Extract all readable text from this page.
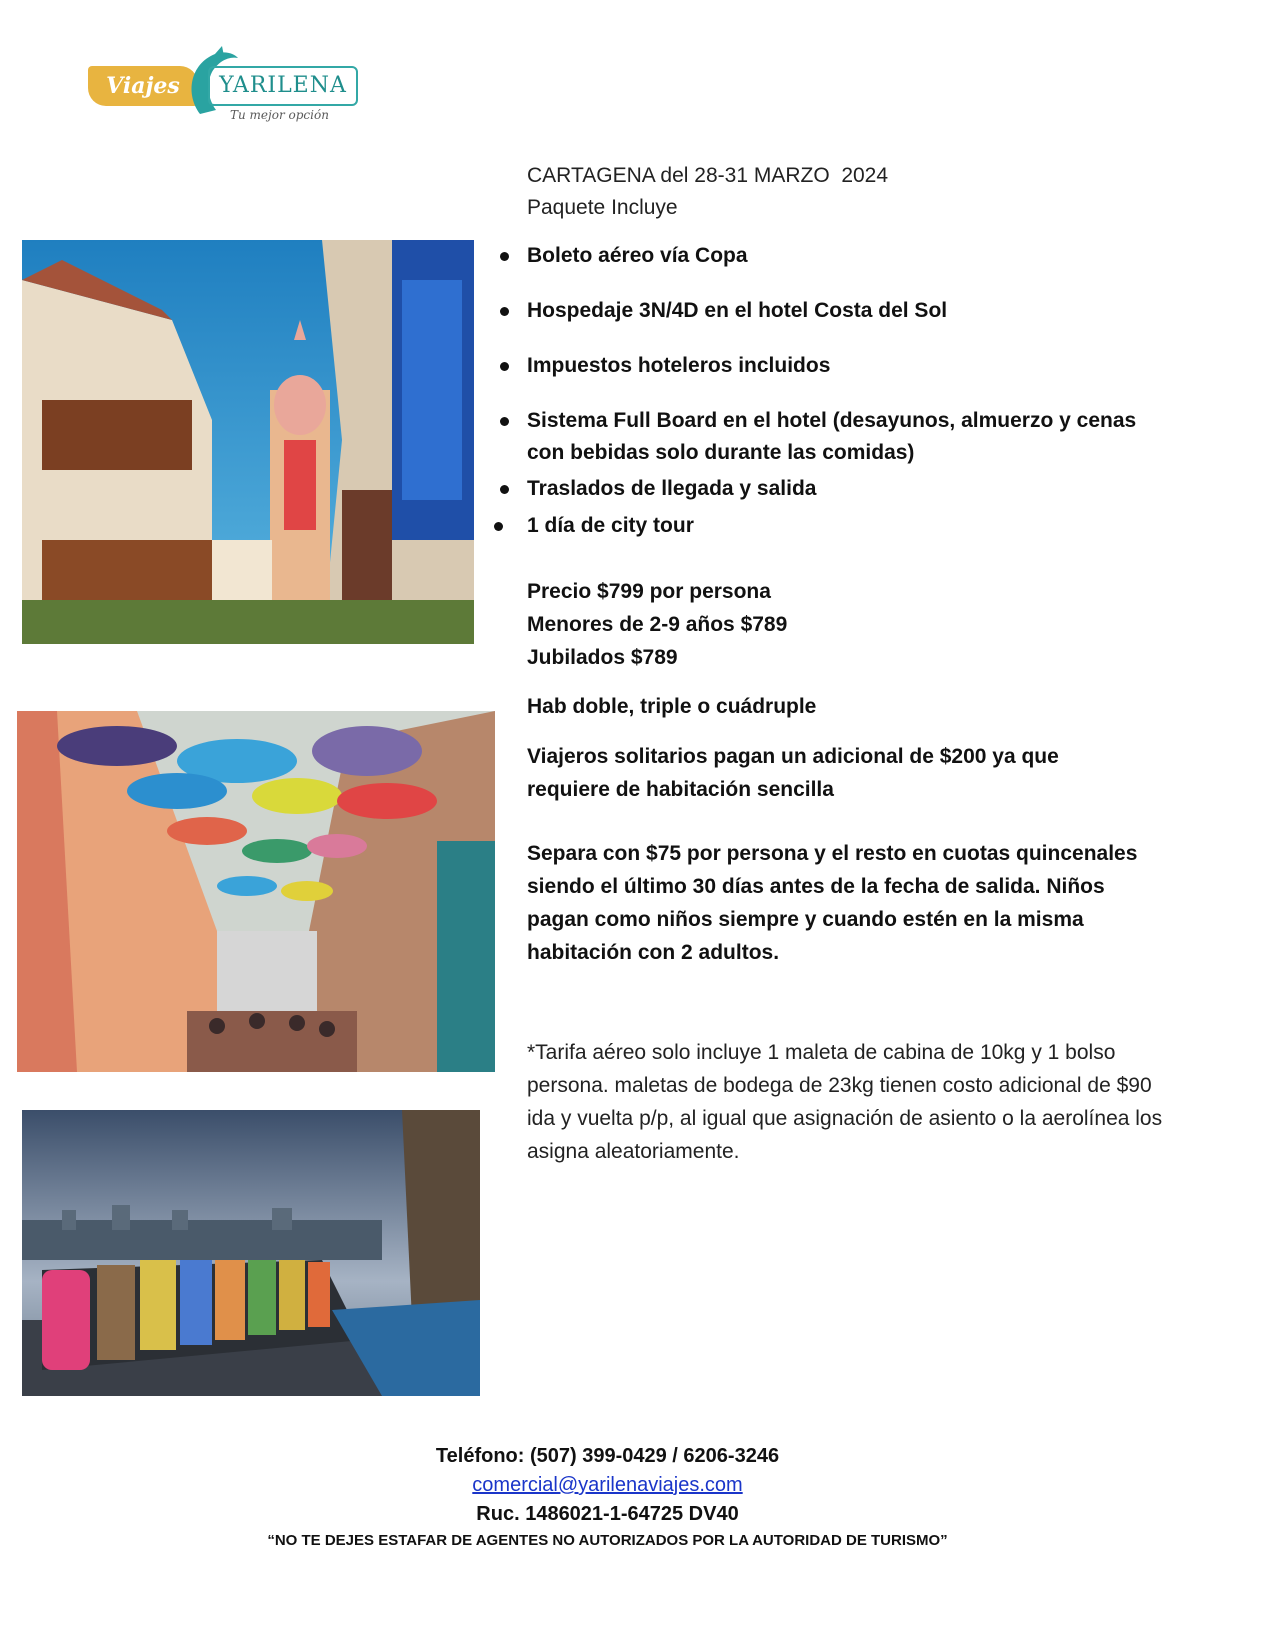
Viajes	YARILENA
Tu mejor opción
CARTAGENA del 28-31 MARZO  2024
Paquete Incluye
Boleto aéreo vía Copa
Hospedaje 3N/4D en el hotel Costa del Sol
Impuestos hoteleros incluidos
Sistema Full Board en el hotel (desayunos, almuerzo y cenas con bebidas solo durante las comidas)
Traslados de llegada y salida
1 día de city tour
Precio $799 por persona
Menores de 2-9 años $789
Jubilados $789
Hab doble, triple o cuádruple
Viajeros solitarios pagan un adicional de $200 ya que requiere de habitación sencilla
Separa con $75 por persona y el resto en cuotas quincenales siendo el último 30 días antes de la fecha de salida. Niños pagan como niños siempre y cuando estén en la misma habitación con 2 adultos.
*Tarifa aéreo solo incluye 1 maleta de cabina de 10kg y 1 bolso persona. maletas de bodega de 23kg tienen costo adicional de $90 ida y vuelta p/p, al igual que asignación de asiento o la aerolínea los asigna aleatoriamente.
Teléfono: (507) 399-0429 / 6206-3246
comercial@yarilenaviajes.com
Ruc. 1486021-1-64725 DV40
“NO TE DEJES ESTAFAR DE AGENTES NO AUTORIZADOS POR LA AUTORIDAD DE TURISMO”
